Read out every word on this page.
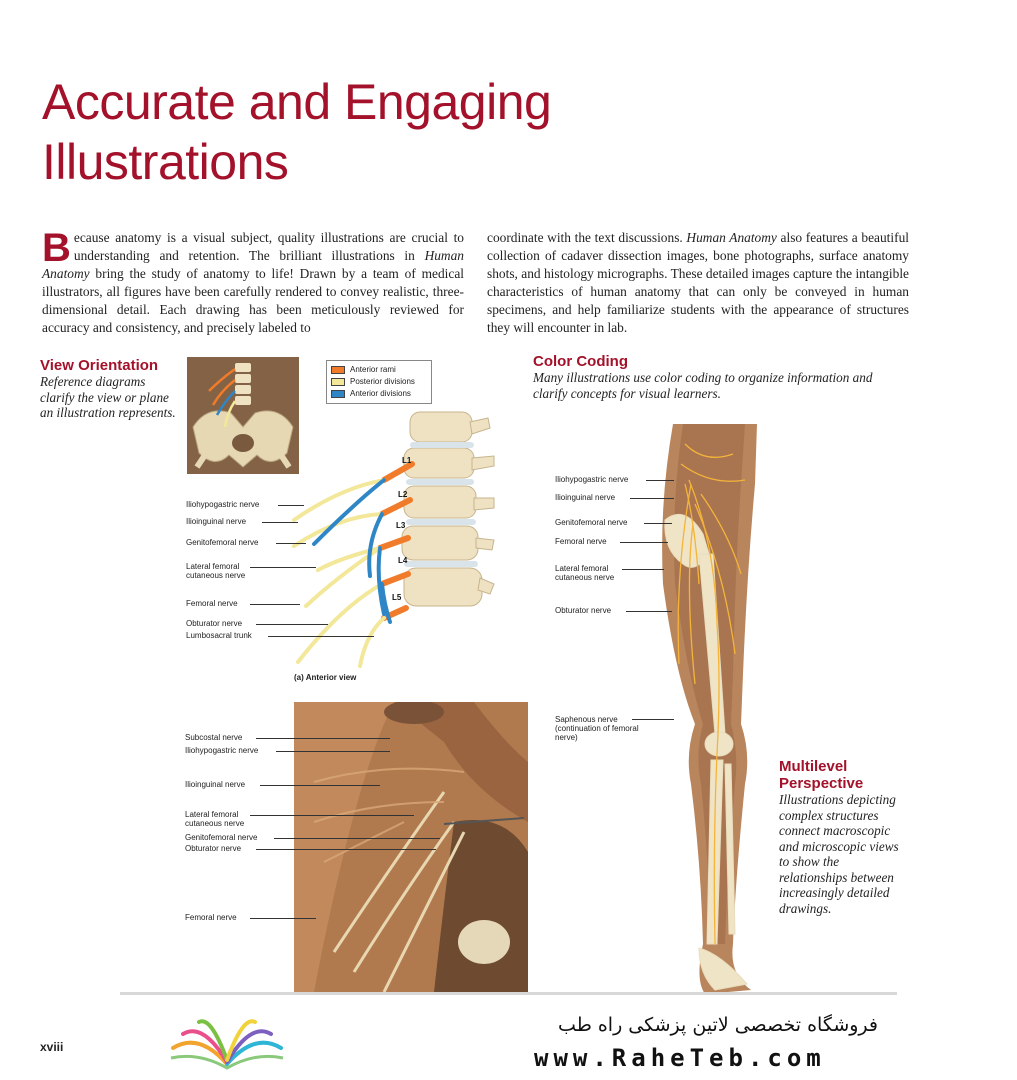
Accurate and Engaging
Illustrations

Because anatomy is a visual subject, quality illustrations are crucial to understanding and retention. The brilliant illustrations in Human Anatomy bring the study of anatomy to life! Drawn by a team of medical illustrators, all figures have been carefully rendered to convey realistic, three-dimensional detail. Each drawing has been meticulously reviewed for accuracy and consistency, and precisely labeled to

coordinate with the text discussions. Human Anatomy also features a beautiful collection of cadaver dissection images, bone photographs, surface anatomy shots, and histology micrographs. These detailed images capture the intangible characteristics of human anatomy that can only be conveyed in human specimens, and help familiarize students with the appearance of structures they will encounter in lab.

View Orientation

Reference diagrams clarify the view or plane an illustration represents.

Color Coding

Many illustrations use color coding to organize information and clarify concepts for visual learners.

Anterior rami
Posterior divisions
Anterior divisions
L1
L2
L3
L4
L5
Iliohypogastric nerve
Ilioinguinal nerve
Genitofemoral nerve
Lateral femoral cutaneous nerve
Femoral nerve
Obturator nerve
Lumbosacral trunk
(a) Anterior view
Iliohypogastric nerve
Ilioinguinal nerve
Genitofemoral nerve
Femoral nerve
Lateral femoral cutaneous nerve
Obturator nerve
Saphenous nerve (continuation of femoral nerve)
Subcostal nerve
Iliohypogastric nerve
Ilioinguinal nerve
Lateral femoral cutaneous nerve
Genitofemoral nerve
Obturator nerve
Femoral nerve
Multilevel
Perspective

Illustrations depicting complex structures connect macroscopic and microscopic views to show the relationships between increasingly detailed drawings.

xviii
فروشگاه تخصصی لاتین پزشکی راه طب
www.RaheTeb.com
